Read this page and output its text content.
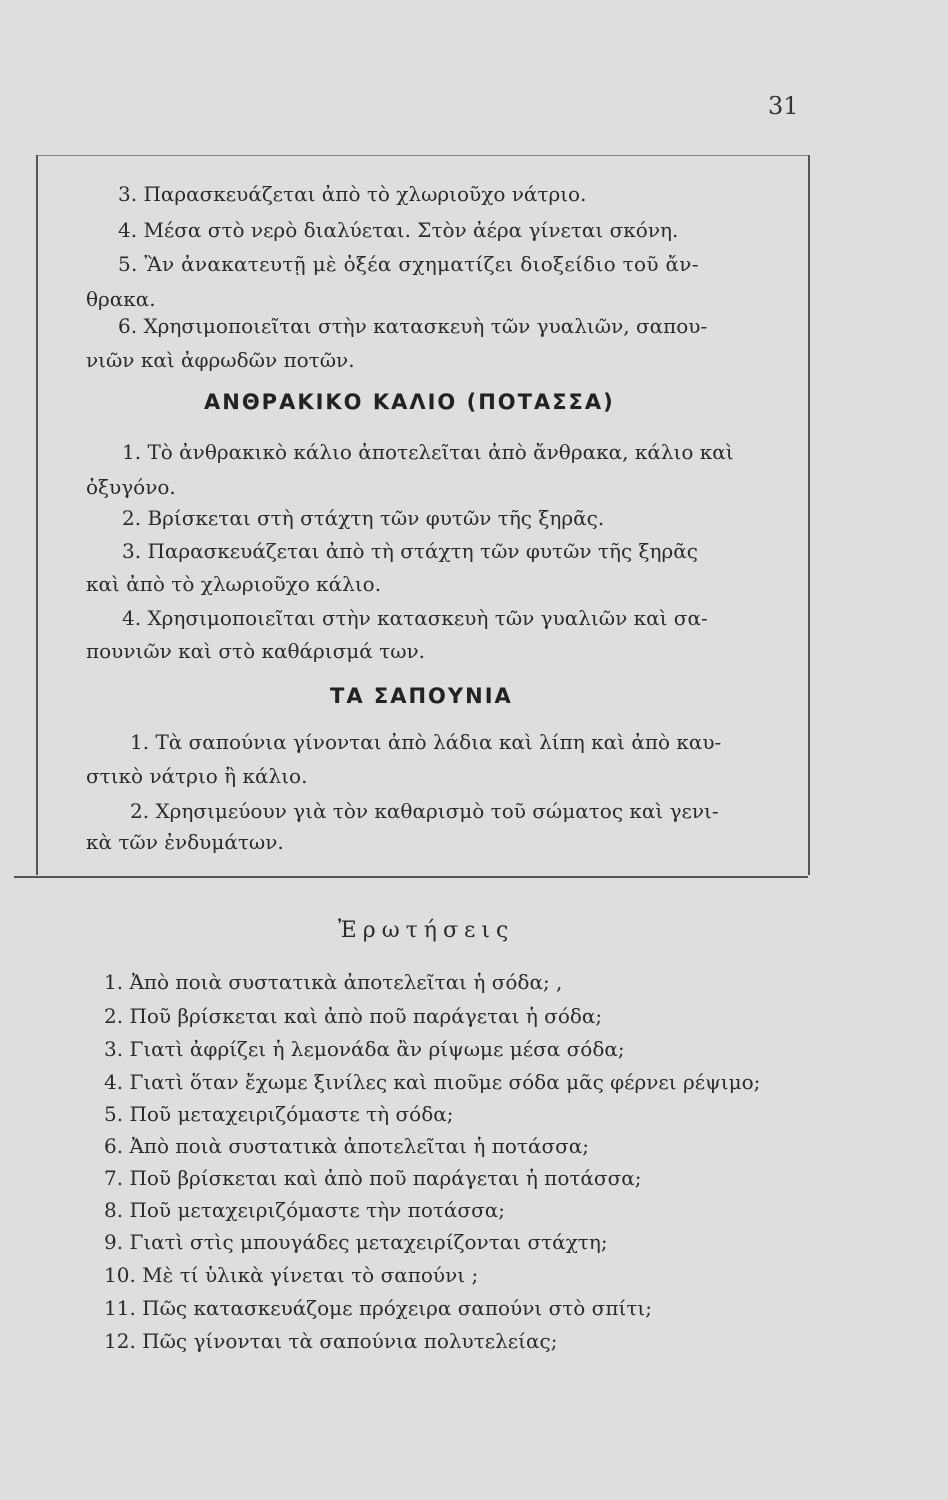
31
3. Παρασκευάζεται ἀπὸ τὸ χλωριοῦχο νάτριο.
4. Μέσα στὸ νερὸ διαλύεται. Στὸν ἀέρα γίνεται σκόνη.
5. Ἂν ἀνακατευτῇ μὲ ὀξέα σχηματίζει διοξείδιο τοῦ ἄν-
θρακα.
6. Χρησιμοποιεῖται στὴν κατασκευὴ τῶν γυαλιῶν, σαπου-
νιῶν καὶ ἀφρωδῶν ποτῶν.
ΑΝΘΡΑΚΙΚΟ ΚΑΛΙΟ (ΠΟΤΑΣΣΑ)
1. Τὸ ἀνθρακικὸ κάλιο ἀποτελεῖται ἀπὸ ἄνθρακα, κάλιο καὶ
ὀξυγόνο.
2. Βρίσκεται στὴ στάχτη τῶν φυτῶν τῆς ξηρᾶς.
3. Παρασκευάζεται ἀπὸ τὴ στάχτη τῶν φυτῶν τῆς ξηρᾶς
καὶ ἀπὸ τὸ χλωριοῦχο κάλιο.
4. Χρησιμοποιεῖται στὴν κατασκευὴ τῶν γυαλιῶν καὶ σα-
πουνιῶν καὶ στὸ καθάρισμά των.
ΤΑ ΣΑΠΟΥΝΙΑ
1. Τὰ σαπούνια γίνονται ἀπὸ λάδια καὶ λίπη καὶ ἀπὸ καυ-
στικὸ νάτριο ἢ κάλιο.
2. Χρησιμεύουν γιὰ τὸν καθαρισμὸ τοῦ σώματος καὶ γενι-
κὰ τῶν ἐνδυμάτων.
Ἐρωτήσεις
1. Ἀπὸ ποιὰ συστατικὰ ἀποτελεῖται ἡ σόδα; ,
2. Ποῦ βρίσκεται καὶ ἀπὸ ποῦ παράγεται ἡ σόδα;
3. Γιατὶ ἀφρίζει ἡ λεμονάδα ἂν ρίψωμε μέσα σόδα;
4. Γιατὶ ὅταν ἔχωμε ξινίλες καὶ πιοῦμε σόδα μᾶς φέρνει ρέψιμο;
5. Ποῦ μεταχειριζόμαστε τὴ σόδα;
6. Ἀπὸ ποιὰ συστατικὰ ἀποτελεῖται ἡ ποτάσσα;
7. Ποῦ βρίσκεται καὶ ἀπὸ ποῦ παράγεται ἡ ποτάσσα;
8. Ποῦ μεταχειριζόμαστε τὴν ποτάσσα;
9. Γιατὶ στὶς μπουγάδες μεταχειρίζονται στάχτη;
10. Μὲ τί ὑλικὰ γίνεται τὸ σαπούνι ;
11. Πῶς κατασκευάζομε πρόχειρα σαπούνι στὸ σπίτι;
12. Πῶς γίνονται τὰ σαπούνια πολυτελείας;
